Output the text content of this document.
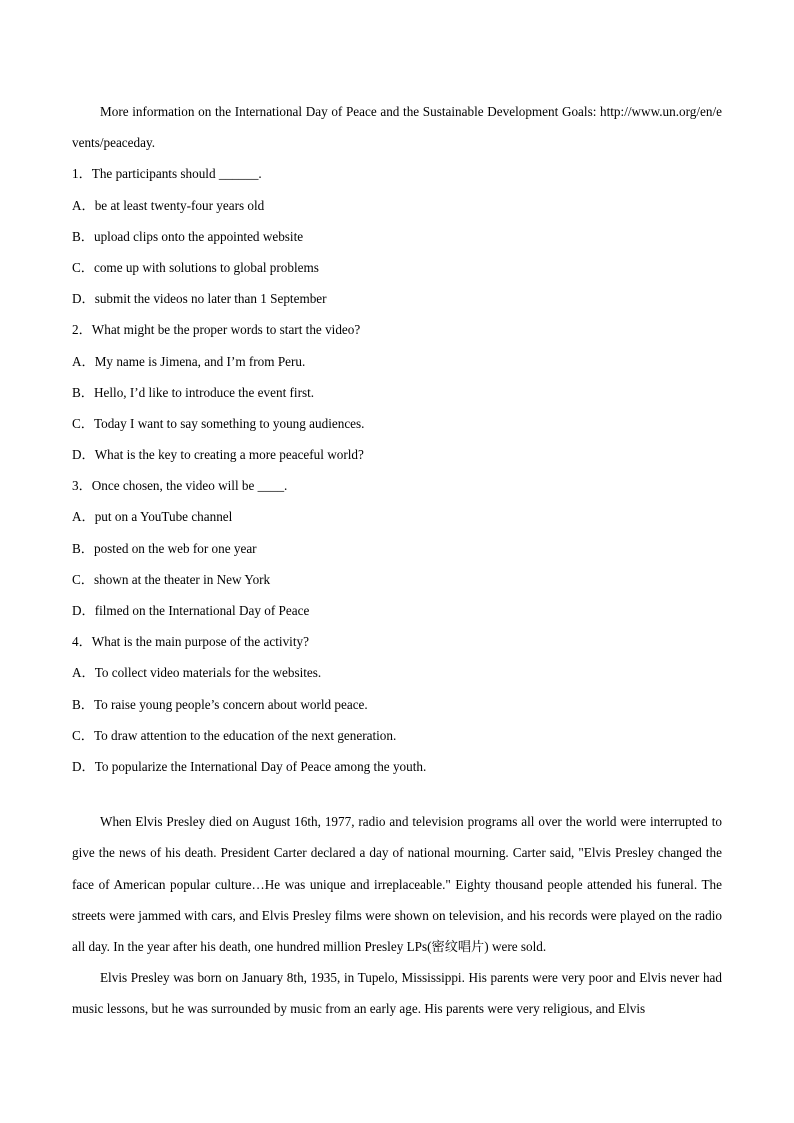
More information on the International Day of Peace and the Sustainable Development Goals: http://www.un.org/en/events/peaceday.

1．The participants should ______.

A．be at least twenty-four years old

B．upload clips onto the appointed website

C．come up with solutions to global problems

D．submit the videos no later than 1 September

2．What might be the proper words to start the video?

A．My name is Jimena, and I’m from Peru.

B．Hello, I’d like to introduce the event first.

C．Today I want to say something to young audiences.

D．What is the key to creating a more peaceful world?

3．Once chosen, the video will be ____.

A．put on a YouTube channel

B．posted on the web for one year

C．shown at the theater in New York

D．filmed on the International Day of Peace

4．What is the main purpose of the activity?

A．To collect video materials for the websites.

B．To raise young people’s concern about world peace.

C．To draw attention to the education of the next generation.

D．To popularize the International Day of Peace among the youth.

When Elvis Presley died on August 16th, 1977, radio and television programs all over the world were interrupted to give the news of his death. President Carter declared a day of national mourning. Carter said, "Elvis Presley changed the face of American popular culture…He was unique and irreplaceable." Eighty thousand people attended his funeral. The streets were jammed with cars, and Elvis Presley films were shown on television, and his records were played on the radio all day. In the year after his death, one hundred million Presley LPs(密纹唱片) were sold.

Elvis Presley was born on January 8th, 1935, in Tupelo, Mississippi. His parents were very poor and Elvis never had music lessons, but he was surrounded by music from an early age. His parents were very religious, and Elvis
